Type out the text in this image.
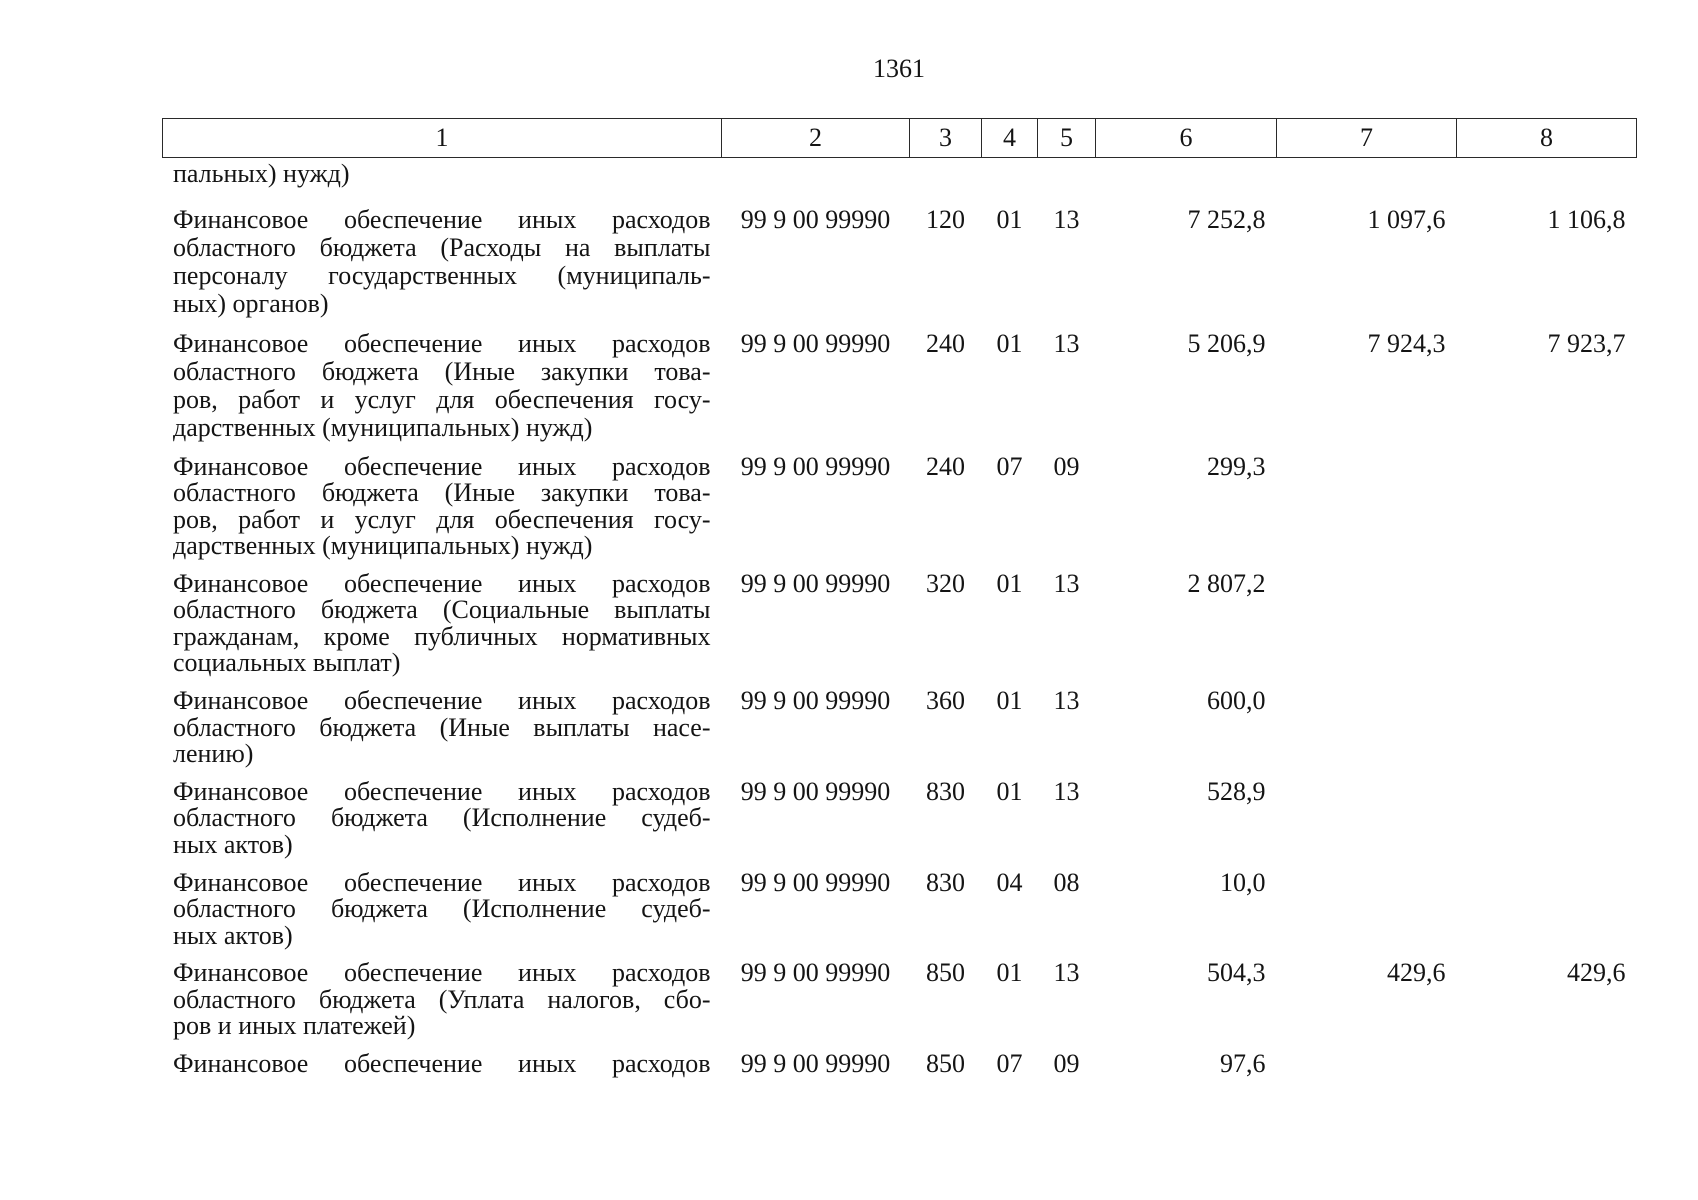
1361
1	2	3	4	5	6	7	8

пальных) нужд)							

Финансовое обеспечение иных расходов
областного бюджета (Расходы на выплаты
персоналу государственных (муниципаль-
ных) органов)	99 9 00 99990	120	01	13	7 252,8	1 097,6	1 106,8

Финансовое обеспечение иных расходов
областного бюджета (Иные закупки това-
ров, работ и услуг для обеспечения госу-
дарственных (муниципальных) нужд)	99 9 00 99990	240	01	13	5 206,9	7 924,3	7 923,7

Финансовое обеспечение иных расходов
областного бюджета (Иные закупки това-
ров, работ и услуг для обеспечения госу-
дарственных (муниципальных) нужд)	99 9 00 99990	240	07	09	299,3		

Финансовое обеспечение иных расходов
областного бюджета (Социальные выплаты
гражданам, кроме публичных нормативных
социальных выплат)	99 9 00 99990	320	01	13	2 807,2		

Финансовое обеспечение иных расходов
областного бюджета (Иные выплаты насе-
лению)	99 9 00 99990	360	01	13	600,0		

Финансовое обеспечение иных расходов
областного бюджета (Исполнение судеб-
ных актов)	99 9 00 99990	830	01	13	528,9		

Финансовое обеспечение иных расходов
областного бюджета (Исполнение судеб-
ных актов)	99 9 00 99990	830	04	08	10,0		

Финансовое обеспечение иных расходов
областного бюджета (Уплата налогов, сбо-
ров и иных платежей)	99 9 00 99990	850	01	13	504,3	429,6	429,6

Финансовое обеспечение иных расходов	99 9 00 99990	850	07	09	97,6		
